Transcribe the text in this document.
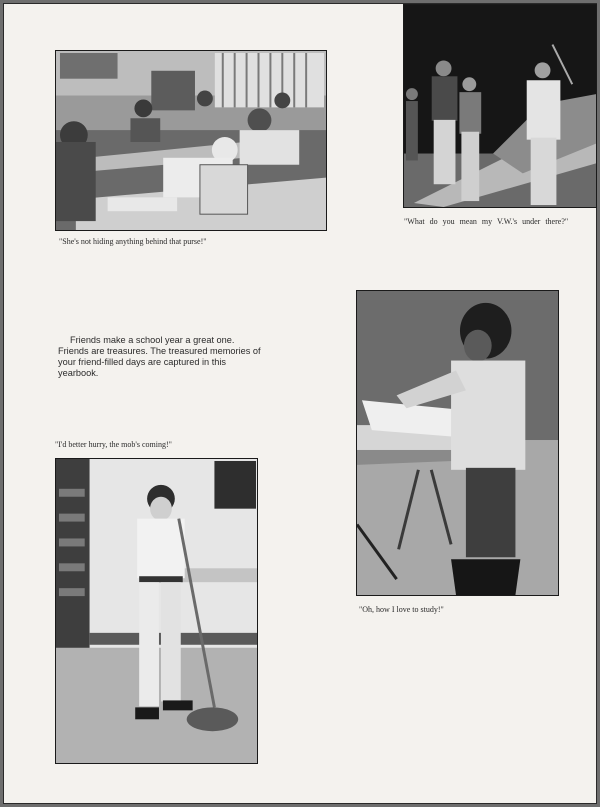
"She's not hiding anything behind that purse!"
"What do you mean my V.W.'s under there?"

Friends make a school year a great one. Friends are treasures. The treasured memories of your friend-filled days are captured in this yearbook.

"Oh, how I love to study!"
"I'd better hurry, the mob's coming!"
